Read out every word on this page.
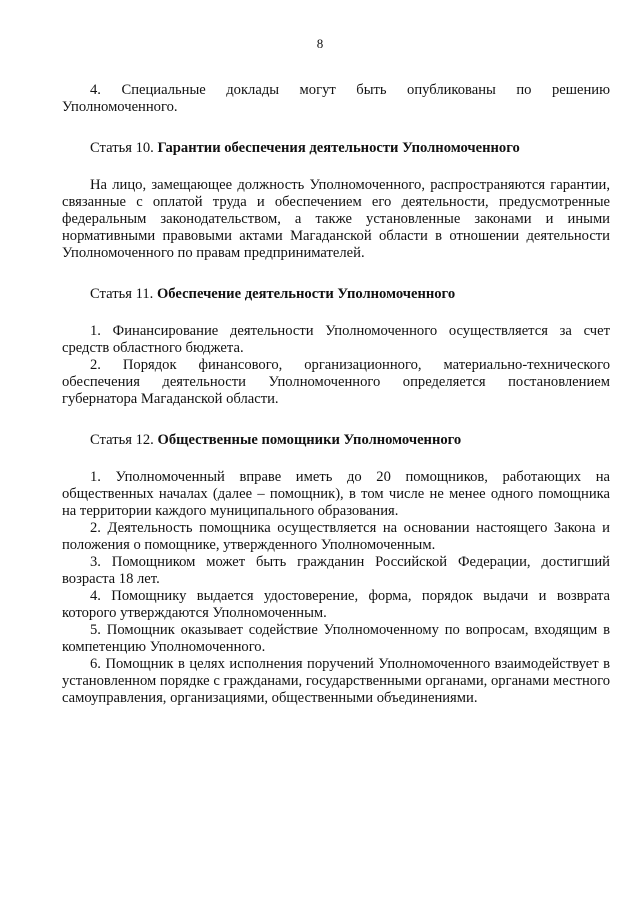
8

4. Специальные доклады могут быть опубликованы по решению Уполномоченного.

Статья 10. Гарантии обеспечения деятельности Уполномоченного

На лицо, замещающее должность Уполномоченного, распространяются гарантии, связанные с оплатой труда и обеспечением его деятельности, предусмотренные федеральным законодательством, а также установленные законами и иными нормативными правовыми актами Магаданской области в отношении деятельности Уполномоченного по правам предпринимателей.

Статья 11. Обеспечение деятельности Уполномоченного

1. Финансирование деятельности Уполномоченного осуществляется за счет средств областного бюджета.

2. Порядок финансового, организационного, материально-технического обеспечения деятельности Уполномоченного определяется постановлением губернатора Магаданской области.

Статья 12. Общественные помощники Уполномоченного

1. Уполномоченный вправе иметь до 20 помощников, работающих на общественных началах (далее – помощник), в том числе не менее одного помощника на территории каждого муниципального образования.

2. Деятельность помощника осуществляется на основании настоящего Закона и положения о помощнике, утвержденного Уполномоченным.

3. Помощником может быть гражданин Российской Федерации, достигший возраста 18 лет.

4. Помощнику выдается удостоверение, форма, порядок выдачи и возврата которого утверждаются Уполномоченным.

5. Помощник оказывает содействие Уполномоченному по вопросам, входящим в компетенцию Уполномоченного.

6. Помощник в целях исполнения поручений Уполномоченного взаимодействует в установленном порядке с гражданами, государственными органами, органами местного самоуправления, организациями, общественными объединениями.
